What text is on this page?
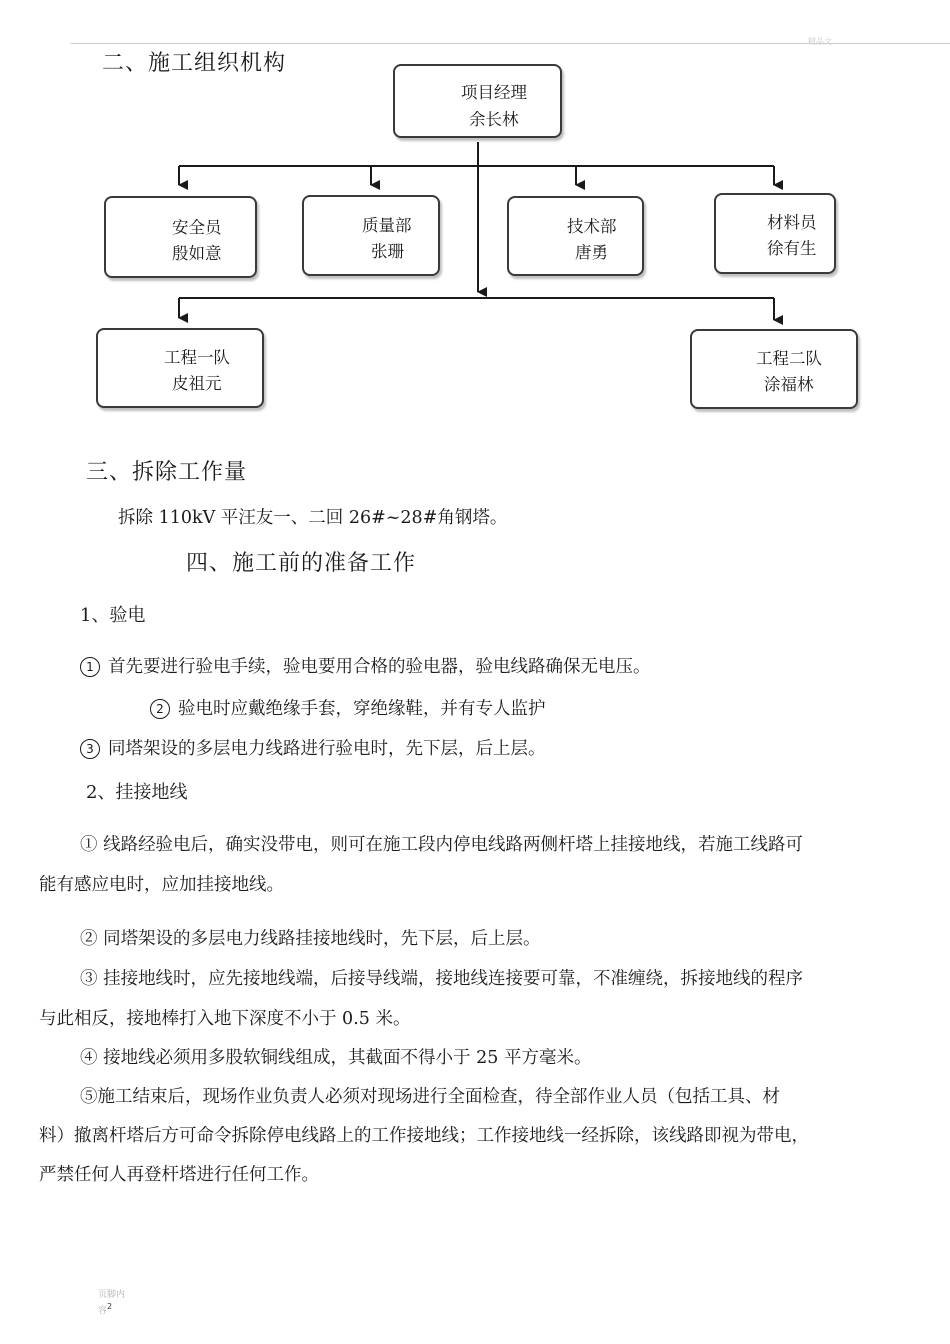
精品文
二、施工组织机构
项目经理
余长林
安全员
殷如意
质量部
张珊
技术部
唐勇
材料员
徐有生
工程一队
皮祖元
工程二队
涂福林
三、拆除工作量
拆除 110kV 平汪友一、二回 26#~28#角钢塔。
四、施工前的准备工作
1、验电
1 首先要进行验电手续，验电要用合格的验电器，验电线路确保无电压。
2 验电时应戴绝缘手套，穿绝缘鞋，并有专人监护
3 同塔架设的多层电力线路进行验电时，先下层，后上层。
2、挂接地线
① 线路经验电后，确实没带电，则可在施工段内停电线路两侧杆塔上挂接地线，若施工线路可
能有感应电时，应加挂接地线。
② 同塔架设的多层电力线路挂接地线时，先下层，后上层。
③ 挂接地线时，应先接地线端，后接导线端，接地线连接要可靠，不准缠绕，拆接地线的程序
与此相反，接地棒打入地下深度不小于 0.5 米。
④ 接地线必须用多股软铜线组成，其截面不得小于 25 平方毫米。
⑤施工结束后，现场作业负责人必须对现场进行全面检查，待全部作业人员（包括工具、材
料）撤离杆塔后方可命令拆除停电线路上的工作接地线；工作接地线一经拆除，该线路即视为带电，
严禁任何人再登杆塔进行任何工作。
页脚内
容2
